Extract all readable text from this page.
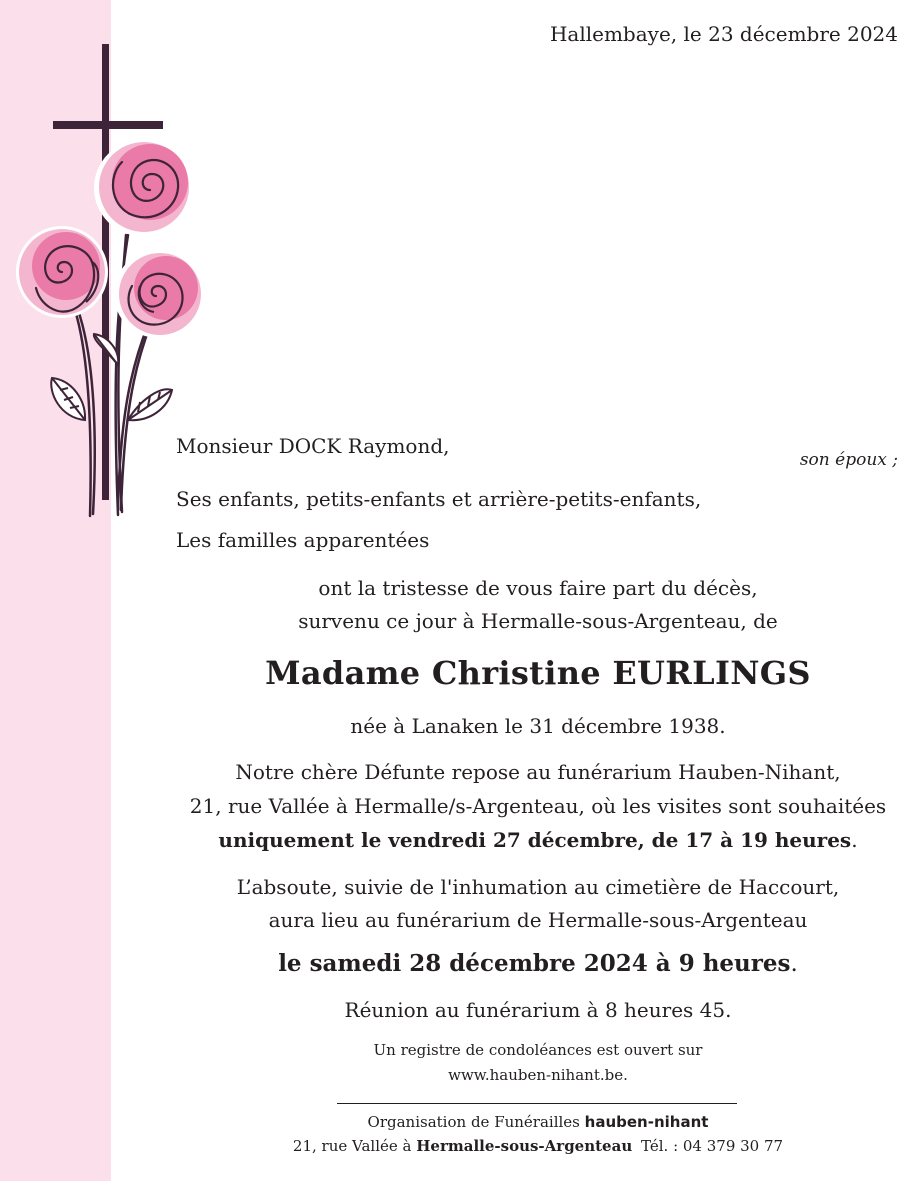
Hallembaye, le 23 décembre 2024
Monsieur DOCK Raymond,
son époux ;
Ses enfants, petits-enfants et arrière-petits-enfants,
Les familles apparentées
ont la tristesse de vous faire part du décès,
survenu ce jour à Hermalle-sous-Argenteau, de
Madame Christine EURLINGS
née à Lanaken le 31 décembre 1938.
Notre chère Défunte repose au funérarium Hauben-Nihant,
21, rue Vallée à Hermalle/s-Argenteau, où les visites sont souhaitées
uniquement le vendredi 27 décembre, de 17 à 19 heures.
L’absoute, suivie de l'inhumation au cimetière de Haccourt,
aura lieu au funérarium de Hermalle-sous-Argenteau
le samedi 28 décembre 2024 à 9 heures.
Réunion au funérarium à 8 heures 45.
Un registre de condoléances est ouvert sur
www.hauben-nihant.be.
Organisation de Funérailles hauben-nihant
21, rue Vallée à Hermalle-sous-Argenteau Tél. : 04 379 30 77
